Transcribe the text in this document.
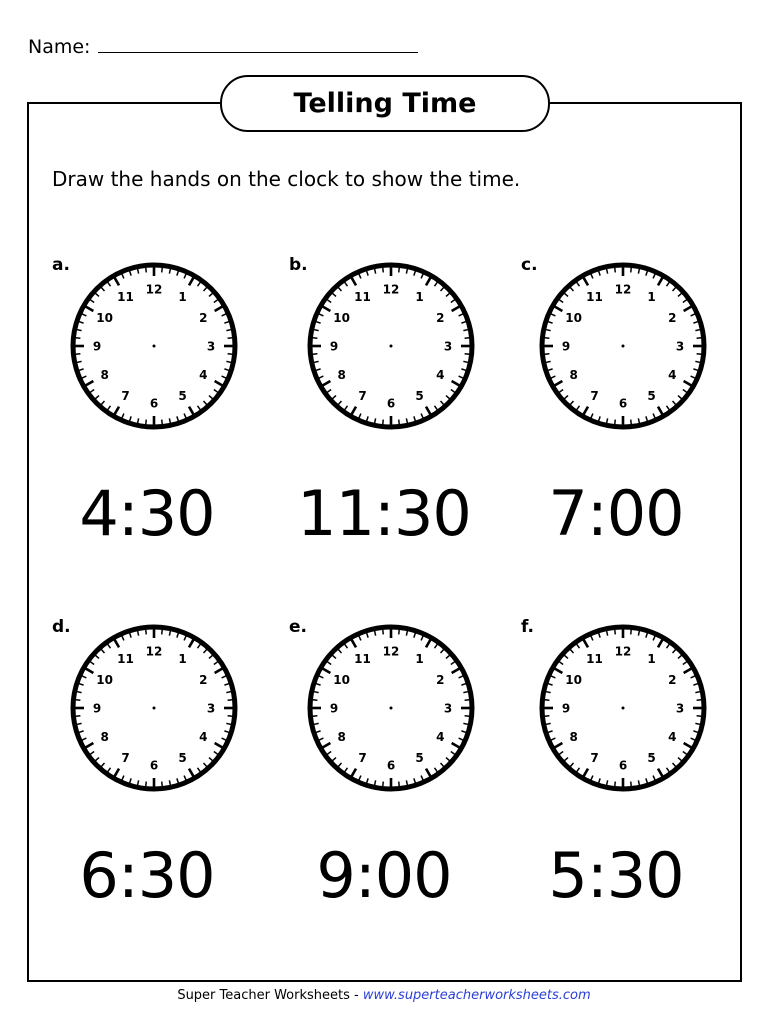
Name:
Telling Time
Draw the hands on the clock to show the time.
a.
12
1
2
3
4
5
6
7
8
9
10
11
4:30
b.
12
1
2
3
4
5
6
7
8
9
10
11
11:30
c.
12
1
2
3
4
5
6
7
8
9
10
11
7:00
d.
12
1
2
3
4
5
6
7
8
9
10
11
6:30
e.
12
1
2
3
4
5
6
7
8
9
10
11
9:00
f.
12
1
2
3
4
5
6
7
8
9
10
11
5:30
Super Teacher Worksheets - www.superteacherworksheets.com
